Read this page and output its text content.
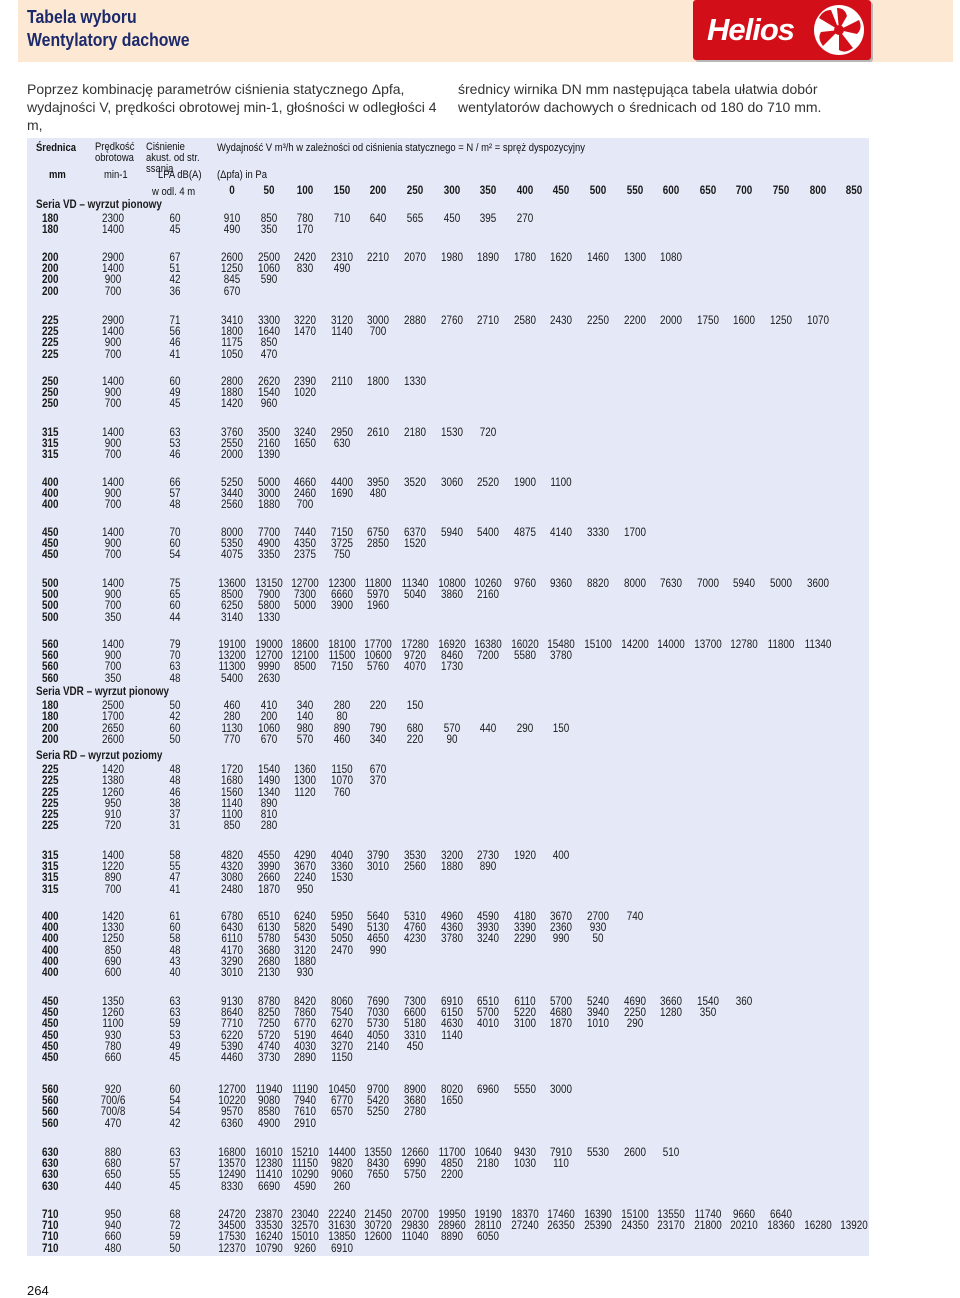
Tabela wyboru
Wentylatory dachowe	Helios
Poprzez kombinację parametrów ciśnienia statycznego Δpfa, wydajności V, prędkości obrotowej min-1, głośności w odległości 4 m,
średnicy wirnika DN mm następująca tabela ułatwia dobór wentylatorów dachowych o średnicach od 180 do 710 mm.
Średnica Prędkość obrotowa
Ciśnienie akust. od str. ssania
Wydajność V m³/h w zależności od ciśnienia statycznego = N / m² = spręż dyspozycyjny
mm	min-1	LPA dB(A) (Δpfa) in Pa
w odl. 4 m	0	50	100	150	200	250	300	350	400	450	500	550	600	650	700	750	800	850
Seria VD – wyrzut pionowy
180	2300	60	910	850	780	710	640	565	450	395	270
180	1400	45	490	350	170
200	2900	67	2600	2500	2420	2310	2210	2070	1980	1890	1780	1620	1460	1300	1080
200	1400	51	1250	1060	830	490
200	900	42	845	590
200	700	36	670
225	2900	71	3410	3300	3220	3120	3000	2880	2760	2710	2580	2430	2250	2200	2000	1750	1600	1250	1070
225	1400	56	1800	1640	1470	1140	700
225	900	46	1175	850
225	700	41	1050	470
250	1400	60	2800	2620	2390	2110	1800	1330
250	900	49	1880	1540	1020
250	700	45	1420	960
315	1400	63	3760	3500	3240	2950	2610	2180	1530	720
315	900	53	2550	2160	1650	630
315	700	46	2000	1390
400	1400	66	5250	5000	4660	4400	3950	3520	3060	2520	1900	1100
400	900	57	3440	3000	2460	1690	480
400	700	48	2560	1880	700
450	1400	70	8000	7700	7440	7150	6750	6370	5940	5400	4875	4140	3330	1700
450	900	60	5350	4900	4350	3725	2850	1520
450	700	54	4075	3350	2375	750
500	1400	75	13600 13150 12700 12300 11800 11340 10800 10260	9760	9360	8820	8000	7630	7000	5940	5000	3600
500	900	65	8500	7900	7300	6660	5970	5040	3860	2160
500	700	60	6250	5800	5000	3900	1960
500	350	44	3140	1330
560	1400	79	19100 19000 18600 18100 17700 17280 16920 16380 16020 15480 15100 14200 14000 13700 12780 11800 11340
560	900	70	13200 12700 12100 11500 10600	9720	8460	7200	5580	3780
560	700	63	11300	9990	8500	7150	5760	4070	1730
560	350	48	5400	2630
Seria VDR – wyrzut pionowy
180	2500	50	460	410	340	280	220	150
180	1700	42	280	200	140	80
200	2650	60	1130	1060	980	890	790	680	570	440	290	150
200	2600	50	770	670	570	460	340	220	90
Seria RD – wyrzut poziomy
225	1420	48	1720	1540	1360	1150	670
225	1380	48	1680	1490	1300	1070	370
225	1260	46	1560	1340	1120	760
225	950	38	1140	890
225	910	37	1100	810
225	720	31	850	280
315	1400	58	4820	4550	4290	4040	3790	3530	3200	2730	1920	400
315	1220	55	4320	3990	3670	3360	3010	2560	1880	890
315	890	47	3080	2660	2240	1530
315	700	41	2480	1870	950
400	1420	61	6780	6510	6240	5950	5640	5310	4960	4590	4180	3670	2700	740
400	1330	60	6430	6130	5820	5490	5130	4760	4360	3930	3390	2360	930
400	1250	58	6110	5780	5430	5050	4650	4230	3780	3240	2290	990	50
400	850	48	4170	3680	3120	2470	990
400	690	43	3290	2680	1880
400	600	40	3010	2130	930
450	1350	63	9130	8780	8420	8060	7690	7300	6910	6510	6110	5700	5240	4690	3660	1540	360
450	1260	63	8640	8250	7860	7540	7030	6600	6150	5700	5220	4680	3940	2250	1280	350
450	1100	59	7710	7250	6770	6270	5730	5180	4630	4010	3100	1870	1010	290
450	930	53	6220	5720	5190	4640	4050	3310	1140
450	780	49	5390	4740	4030	3270	2140	450
450	660	45	4460	3730	2890	1150
560	920	60	12700 11940 11190 10450	9700	8900	8020	6960	5550	3000
560	700/6	54	10220	9080	7940	6770	5420	3680	1650
560	700/8	54	9570	8580	7610	6570	5250	2780
560	470	42	6360	4900	2910
630	880	63	16800 16010 15210 14400 13550 12660 11700 10640	9430	7910	5530	2600	510
630	680	57	13570 12380 11150	9820	8430	6990	4850	2180	1030	110
630	650	55	12490 11410 10290	9060	7650	5750	2200
630	440	45	8330	6690	4590	260
710	950	68	24720 23870 23040 22240 21450 20700 19950 19190 18370 17460 16390 15100 13550 11740	9660	6640
710	940	72	34500 33530 32570 31630 30720 29830 28960 28110 27240 26350 25390 24350 23170 21800 20210 18360 16280 13920
710	660	59	17530 16240 15010 13850 12600 11040	8890	6050
710	480	50	12370 10790	9260	6910
264
